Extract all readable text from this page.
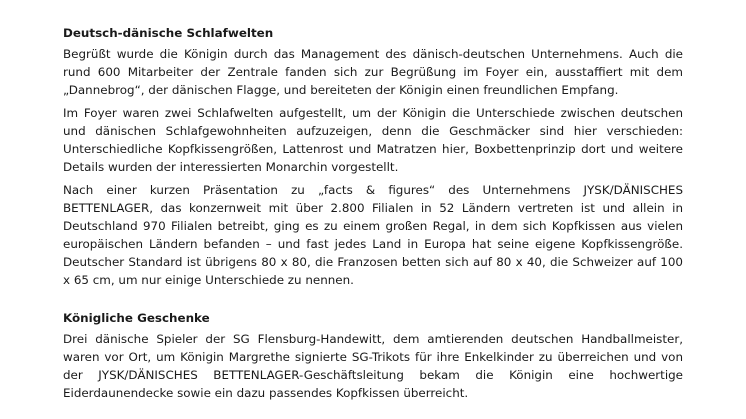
Deutsch-dänische Schlafwelten

Begrüßt wurde die Königin durch das Management des dänisch-deutschen Unternehmens. Auch die rund 600 Mitarbeiter der Zentrale fanden sich zur Begrüßung im Foyer ein, ausstaffiert mit dem „Dannebrog“, der dänischen Flagge, und bereiteten der Königin einen freundlichen Empfang.

Im Foyer waren zwei Schlafwelten aufgestellt, um der Königin die Unterschiede zwischen deutschen und dänischen Schlafgewohnheiten aufzuzeigen, denn die Geschmäcker sind hier verschieden: Unterschiedliche Kopfkissengrößen, Lattenrost und Matratzen hier, Boxbettenprinzip dort und weitere Details wurden der interessierten Monarchin vorgestellt.

Nach einer kurzen Präsentation zu „facts & figures“ des Unternehmens JYSK/DÄNISCHES BETTENLAGER, das konzernweit mit über 2.800 Filialen in 52 Ländern vertreten ist und allein in Deutschland 970 Filialen betreibt, ging es zu einem großen Regal, in dem sich Kopfkissen aus vielen europäischen Ländern befanden – und fast jedes Land in Europa hat seine eigene Kopfkissengröße. Deutscher Standard ist übrigens 80 x 80, die Franzosen betten sich auf 80 x 40, die Schweizer auf 100 x 65 cm, um nur einige Unterschiede zu nennen.

Königliche Geschenke

Drei dänische Spieler der SG Flensburg-Handewitt, dem amtierenden deutschen Handballmeister, waren vor Ort, um Königin Margrethe signierte SG-Trikots für ihre Enkelkinder zu überreichen und von der JYSK/DÄNISCHES BETTENLAGER-Geschäftsleitung bekam die Königin eine hochwertige Eiderdaunendecke sowie ein dazu passendes Kopfkissen überreicht.
